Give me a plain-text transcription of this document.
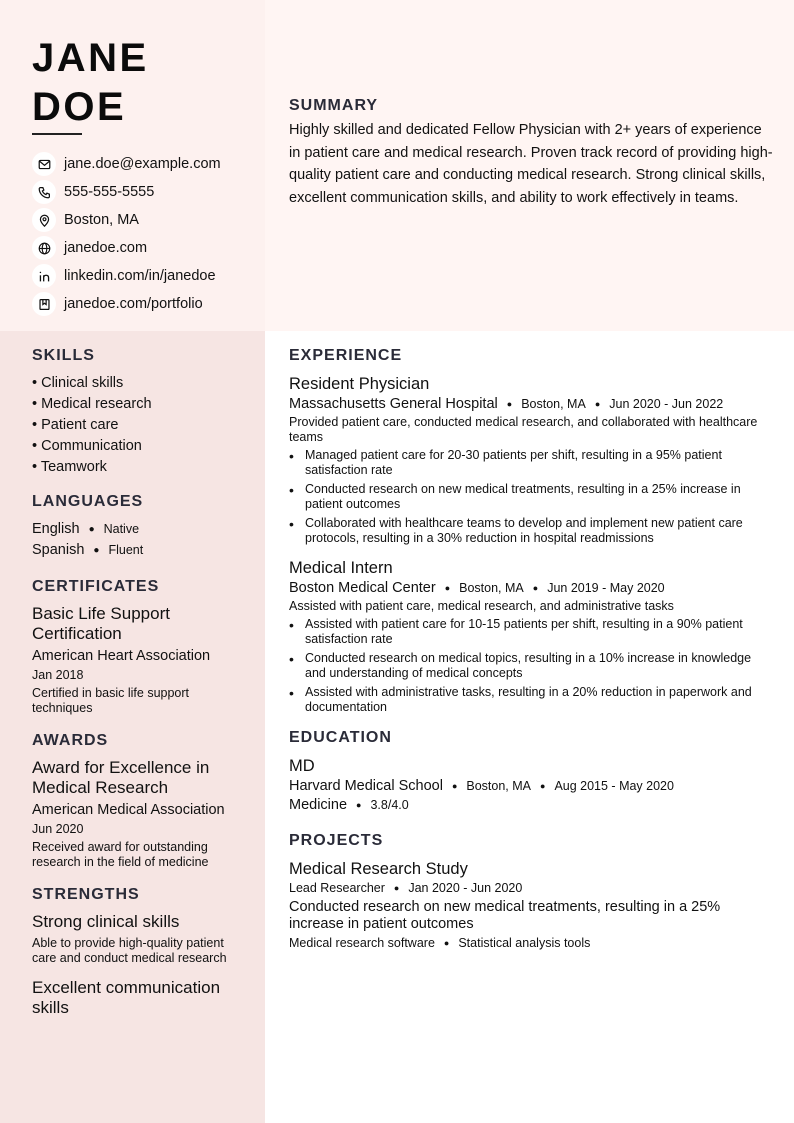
JANE
DOE
jane.doe@example.com
555-555-5555
Boston, MA
janedoe.com
linkedin.com/in/janedoe
janedoe.com/portfolio
SUMMARY

Highly skilled and dedicated Fellow Physician with 2+ years of experience in patient care and medical research. Proven track record of providing high-quality patient care and conducting medical research. Strong clinical skills, excellent communication skills, and ability to work effectively in teams.

SKILLS
• Clinical skills
• Medical research
• Patient care
• Communication
• Teamwork
LANGUAGES
English ● Native
Spanish ● Fluent
CERTIFICATES
Basic Life Support Certification
American Heart Association
Jan 2018
Certified in basic life support techniques
AWARDS
Award for Excellence in Medical Research
American Medical Association
Jun 2020
Received award for outstanding research in the field of medicine
STRENGTHS
Strong clinical skills
Able to provide high-quality patient care and conduct medical research
Excellent communication skills
EXPERIENCE
Resident Physician
Massachusetts General Hospital ● Boston, MA ● Jun 2020 - Jun 2022
Provided patient care, conducted medical research, and collaborated with healthcare teams
• Managed patient care for 20-30 patients per shift, resulting in a 95% patient satisfaction rate
• Conducted research on new medical treatments, resulting in a 25% increase in patient outcomes
• Collaborated with healthcare teams to develop and implement new patient care protocols, resulting in a 30% reduction in hospital readmissions
Medical Intern
Boston Medical Center ● Boston, MA ● Jun 2019 - May 2020
Assisted with patient care, medical research, and administrative tasks
• Assisted with patient care for 10-15 patients per shift, resulting in a 90% patient satisfaction rate
• Conducted research on medical topics, resulting in a 10% increase in knowledge and understanding of medical concepts
• Assisted with administrative tasks, resulting in a 20% reduction in paperwork and documentation
EDUCATION
MD
Harvard Medical School ● Boston, MA ● Aug 2015 - May 2020
Medicine ● 3.8/4.0
PROJECTS
Medical Research Study
Lead Researcher ● Jan 2020 - Jun 2020
Conducted research on new medical treatments, resulting in a 25% increase in patient outcomes
Medical research software ● Statistical analysis tools
